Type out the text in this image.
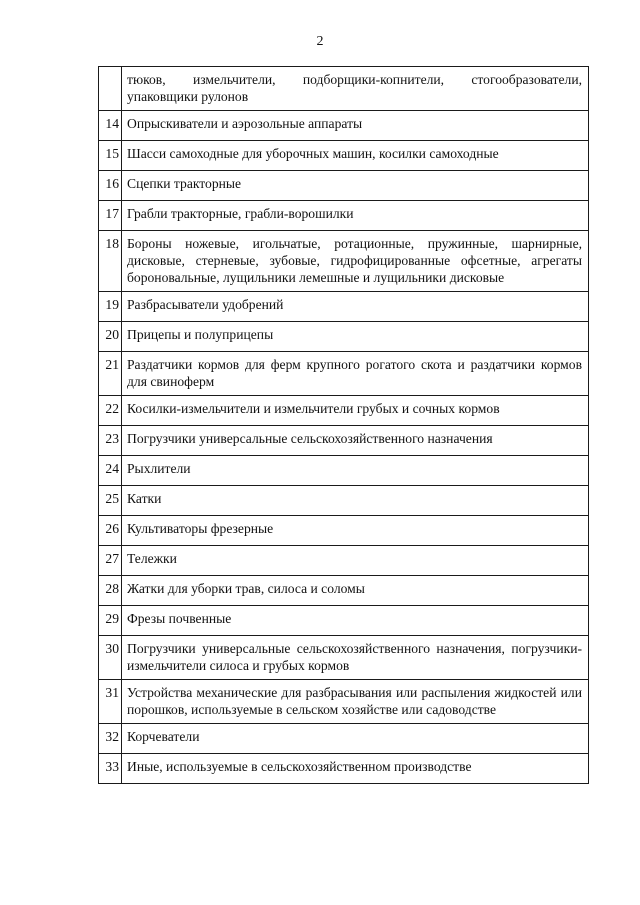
2
	тюков, измельчители, подборщики-копнители, стогообразователи, упаковщики рулонов
14	Опрыскиватели и аэрозольные аппараты
15	Шасси самоходные для уборочных машин, косилки самоходные
16	Сцепки тракторные
17	Грабли тракторные, грабли-ворошилки
18	Бороны ножевые, игольчатые, ротационные, пружинные, шарнирные, дисковые, стерневые, зубовые, гидрофицированные офсетные, агрегаты бороновальные, лущильники лемешные и лущильники дисковые
19	Разбрасыватели удобрений
20	Прицепы и полуприцепы
21	Раздатчики кормов для ферм крупного рогатого скота и раздатчики кормов для свиноферм
22	Косилки-измельчители и измельчители грубых и сочных кормов
23	Погрузчики универсальные сельскохозяйственного назначения
24	Рыхлители
25	Катки
26	Культиваторы фрезерные
27	Тележки
28	Жатки для уборки трав, силоса и соломы
29	Фрезы почвенные
30	Погрузчики универсальные сельскохозяйственного назначения, погрузчики-измельчители силоса и грубых кормов
31	Устройства механические для разбрасывания или распыления жидкостей или порошков, используемые в сельском хозяйстве или садоводстве
32	Корчеватели
33	Иные, используемые в сельскохозяйственном производстве
